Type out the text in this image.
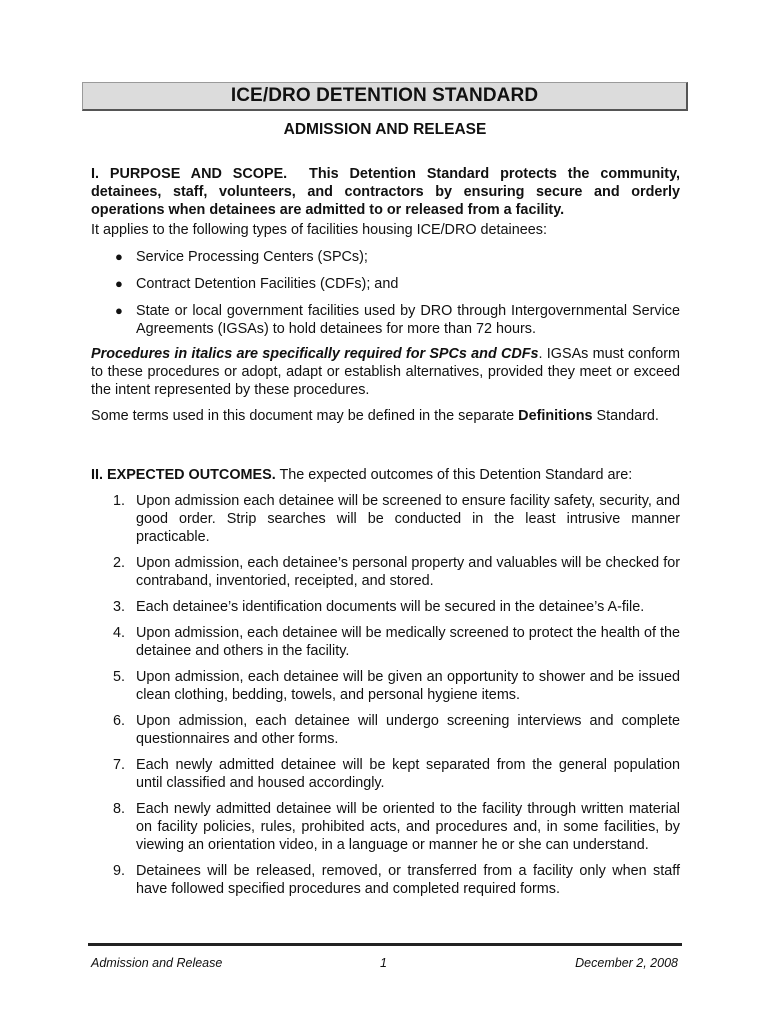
ICE/DRO DETENTION STANDARD
ADMISSION AND RELEASE
I. PURPOSE AND SCOPE. This Detention Standard protects the community, detainees, staff, volunteers, and contractors by ensuring secure and orderly operations when detainees are admitted to or released from a facility.
It applies to the following types of facilities housing ICE/DRO detainees:
● Service Processing Centers (SPCs);
● Contract Detention Facilities (CDFs); and
● State or local government facilities used by DRO through Intergovernmental Service Agreements (IGSAs) to hold detainees for more than 72 hours.
Procedures in italics are specifically required for SPCs and CDFs. IGSAs must conform to these procedures or adopt, adapt or establish alternatives, provided they meet or exceed the intent represented by these procedures.
Some terms used in this document may be defined in the separate Definitions Standard.
II. EXPECTED OUTCOMES. The expected outcomes of this Detention Standard are:
1. Upon admission each detainee will be screened to ensure facility safety, security, and good order. Strip searches will be conducted in the least intrusive manner practicable.
2. Upon admission, each detainee’s personal property and valuables will be checked for contraband, inventoried, receipted, and stored.
3. Each detainee’s identification documents will be secured in the detainee’s A-file.
4. Upon admission, each detainee will be medically screened to protect the health of the detainee and others in the facility.
5. Upon admission, each detainee will be given an opportunity to shower and be issued clean clothing, bedding, towels, and personal hygiene items.
6. Upon admission, each detainee will undergo screening interviews and complete questionnaires and other forms.
7. Each newly admitted detainee will be kept separated from the general population until classified and housed accordingly.
8. Each newly admitted detainee will be oriented to the facility through written material on facility policies, rules, prohibited acts, and procedures and, in some facilities, by viewing an orientation video, in a language or manner he or she can understand.
9. Detainees will be released, removed, or transferred from a facility only when staff have followed specified procedures and completed required forms.
Admission and Release	1	December 2, 2008
